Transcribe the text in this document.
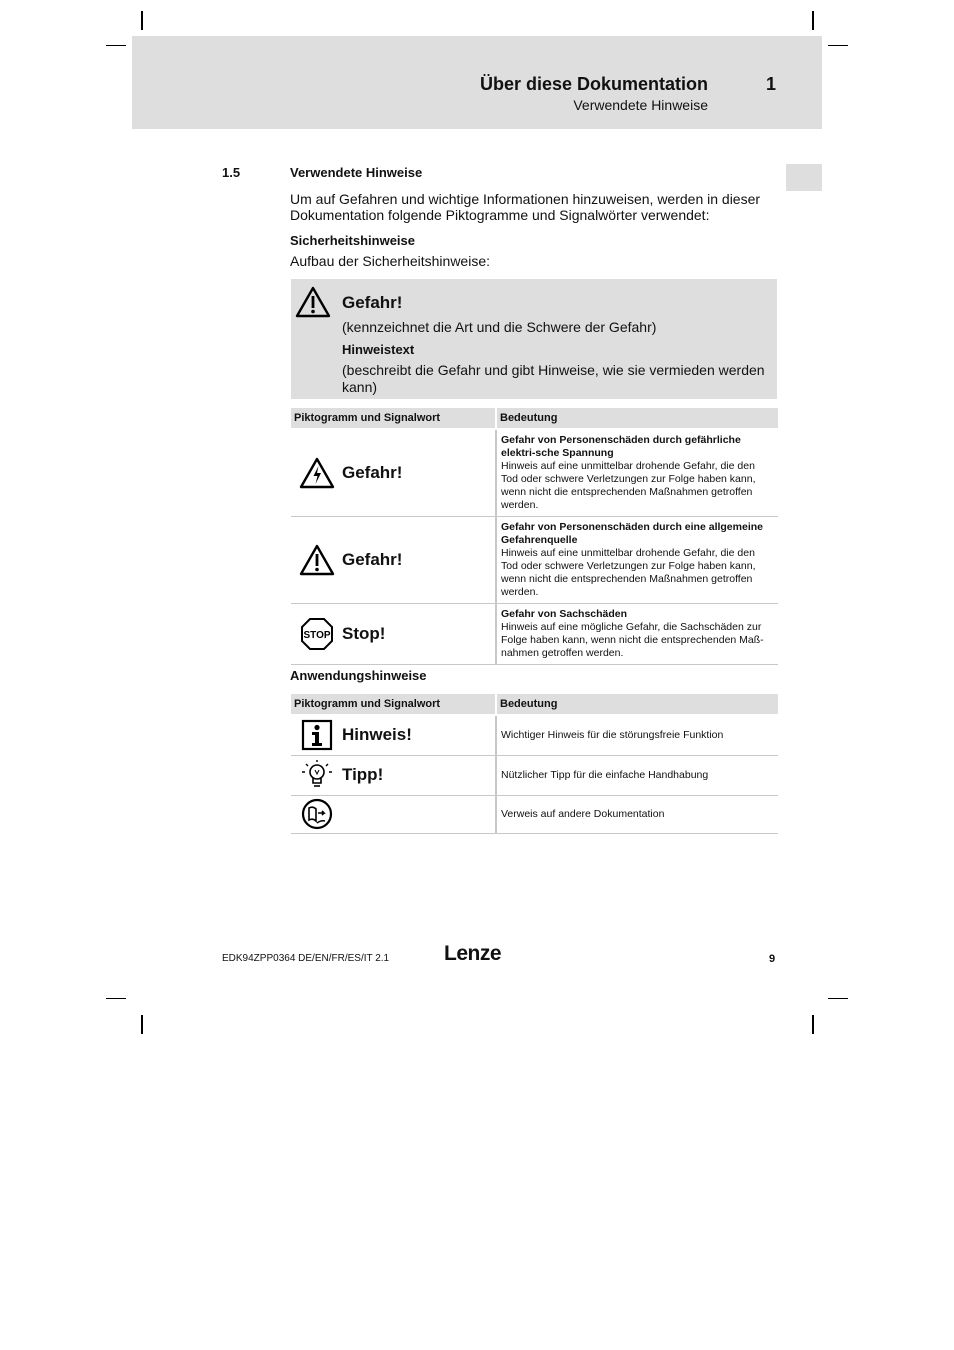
Über diese Dokumentation	1
Verwendete Hinweise
1.5	Verwendete Hinweise
Um auf Gefahren und wichtige Informationen hinzuweisen, werden in dieser Dokumentation folgende Piktogramme und Signalwörter verwendet:
Sicherheitshinweise
Aufbau der Sicherheitshinweise:
Gefahr!
(kennzeichnet die Art und die Schwere der Gefahr)
Hinweistext
(beschreibt die Gefahr und gibt Hinweise, wie sie vermieden werden kann)
Piktogramm und Signalwort	Bedeutung

Gefahr!	Gefahr von Personenschäden durch gefährliche elektri-sche Spannung
Hinweis auf eine unmittelbar drohende Gefahr, die den Tod oder schwere Verletzungen zur Folge haben kann, wenn nicht die entsprechenden Maßnahmen getroffen werden.

Gefahr!	Gefahr von Personenschäden durch eine allgemeine Gefahrenquelle
Hinweis auf eine unmittelbar drohende Gefahr, die den Tod oder schwere Verletzungen zur Folge haben kann, wenn nicht die entsprechenden Maßnahmen getroffen werden.

STOP Stop!	Gefahr von Sachschäden
Hinweis auf eine mögliche Gefahr, die Sachschäden zur Folge haben kann, wenn nicht die entsprechenden Maß-nahmen getroffen werden.
Anwendungshinweise
Piktogramm und Signalwort	Bedeutung

Hinweis!	Wichtiger Hinweis für die störungsfreie Funktion

Tipp!	Nützlicher Tipp für die einfache Handhabung

	Verweis auf andere Dokumentation
EDK94ZPP0364 DE/EN/FR/ES/IT 2.1	Lenze	9
